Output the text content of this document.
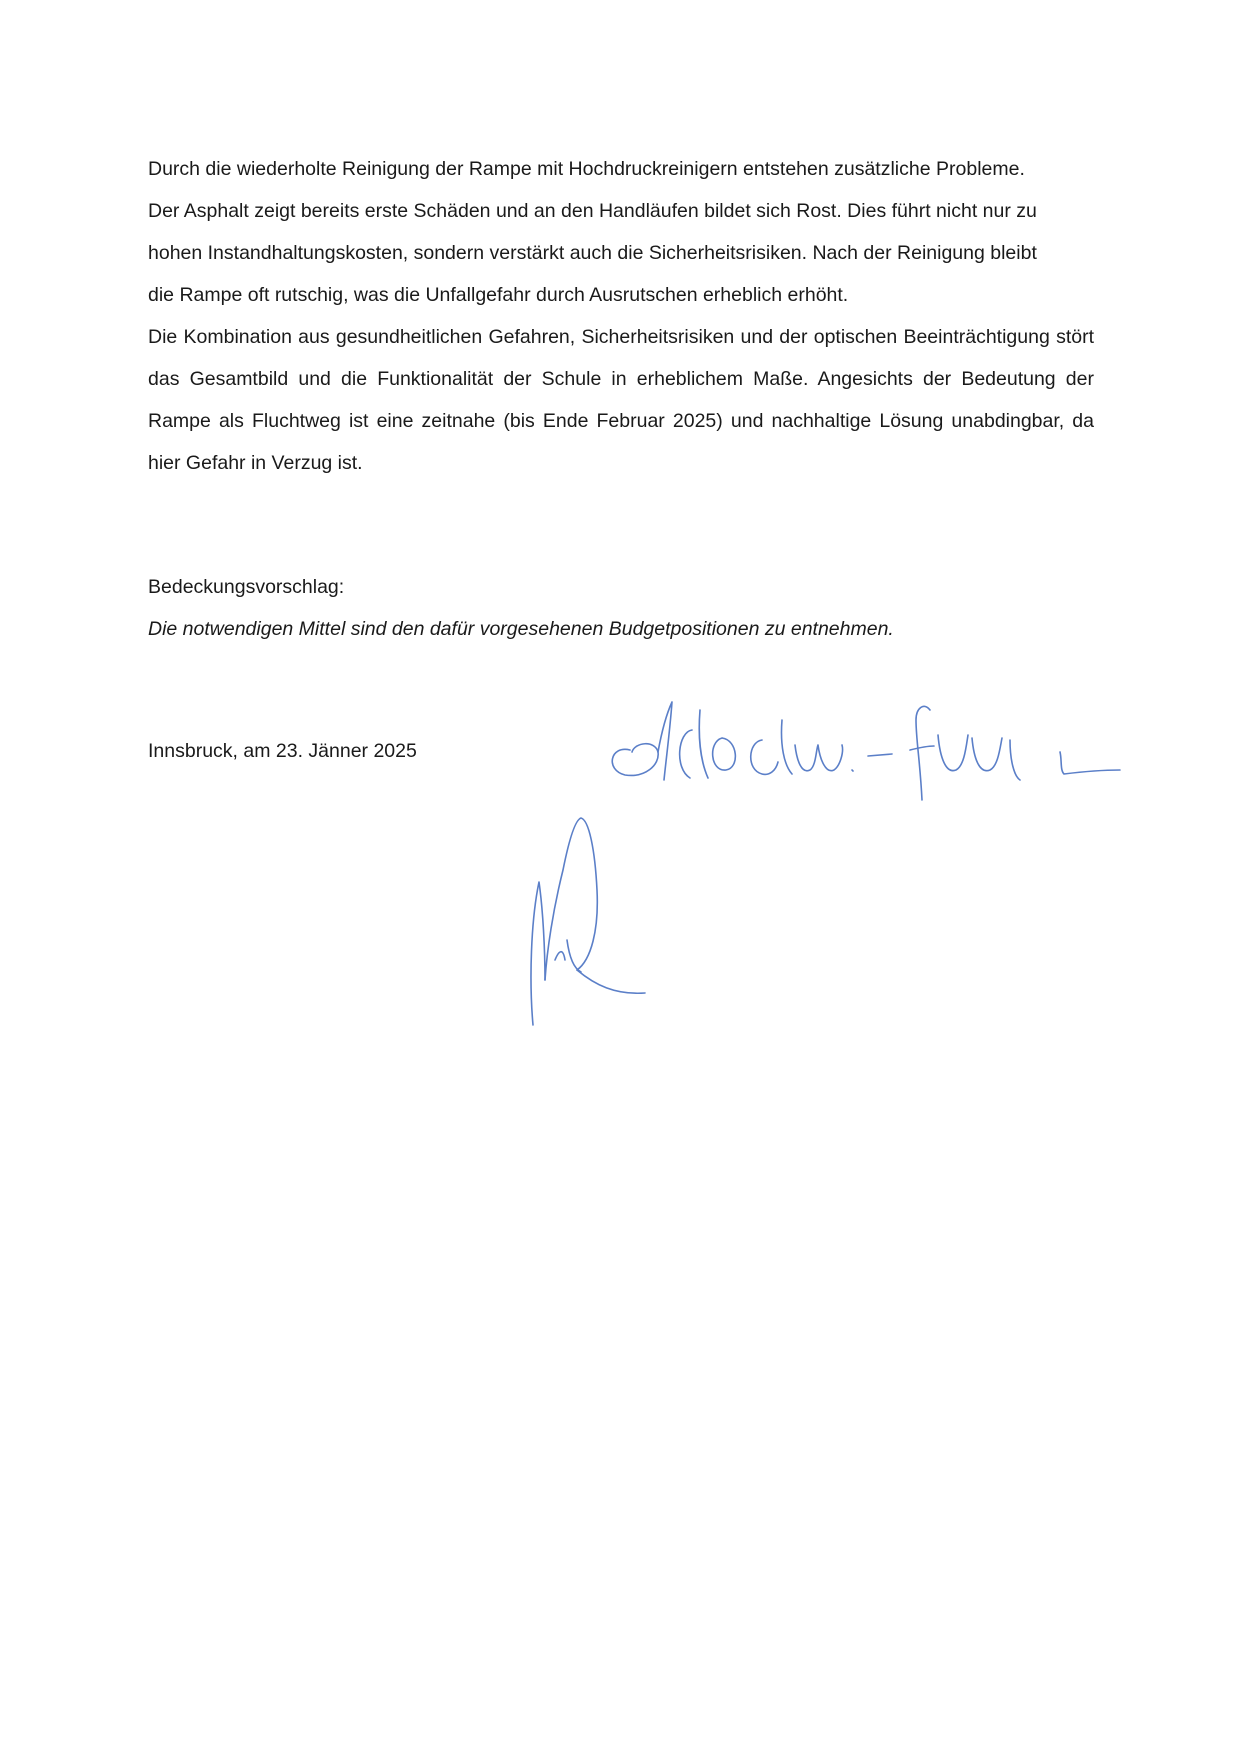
Durch die wiederholte Reinigung der Rampe mit Hochdruckreinigern entstehen zusätzliche Probleme.
Der Asphalt zeigt bereits erste Schäden und an den Handläufen bildet sich Rost. Dies führt nicht nur zu
hohen Instandhaltungskosten, sondern verstärkt auch die Sicherheitsrisiken. Nach der Reinigung bleibt
die Rampe oft rutschig, was die Unfallgefahr durch Ausrutschen erheblich erhöht.

Die Kombination aus gesundheitlichen Gefahren, Sicherheitsrisiken und der optischen Beeinträchtigung stört das Gesamtbild und die Funktionalität der Schule in erheblichem Maße. Angesichts der Bedeutung der Rampe als Fluchtweg ist eine zeitnahe (bis Ende Februar 2025) und nachhaltige Lösung unabdingbar, da hier Gefahr in Verzug ist.

Bedeckungsvorschlag:

Die notwendigen Mittel sind den dafür vorgesehenen Budgetpositionen zu entnehmen.

Innsbruck, am 23. Jänner 2025
